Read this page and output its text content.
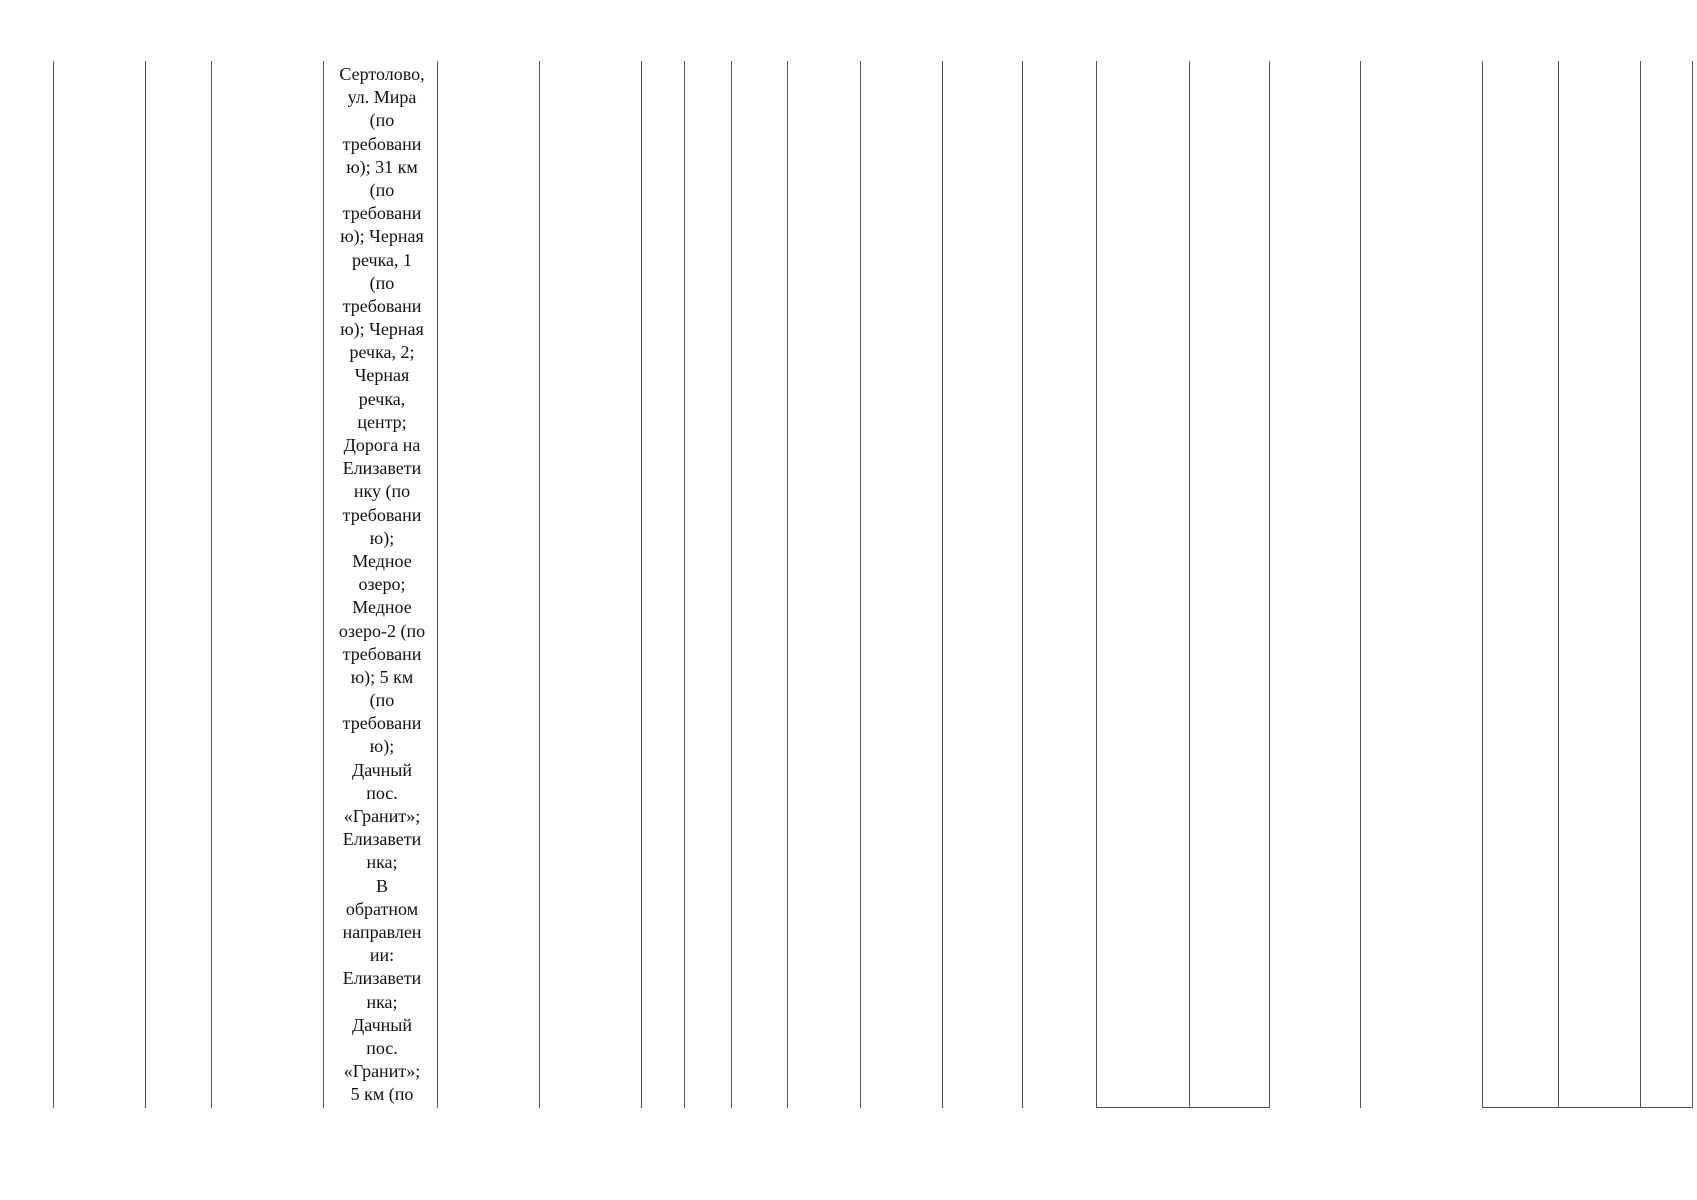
Сертолово,
ул. Мира
(по
требовани
ю); 31 км
(по
требовани
ю); Черная
речка, 1
(по
требовани
ю); Черная
речка, 2;
Черная
речка,
центр;
Дорога на
Елизавети
нку (по
требовани
ю);
Медное
озеро;
Медное
озеро-2 (по
требовани
ю); 5 км
(по
требовани
ю);
Дачный
пос.
«Гранит»;
Елизавети
нка;
В
обратном
направлен
ии:
Елизавети
нка;
Дачный
пос.
«Гранит»;
5 км (по
